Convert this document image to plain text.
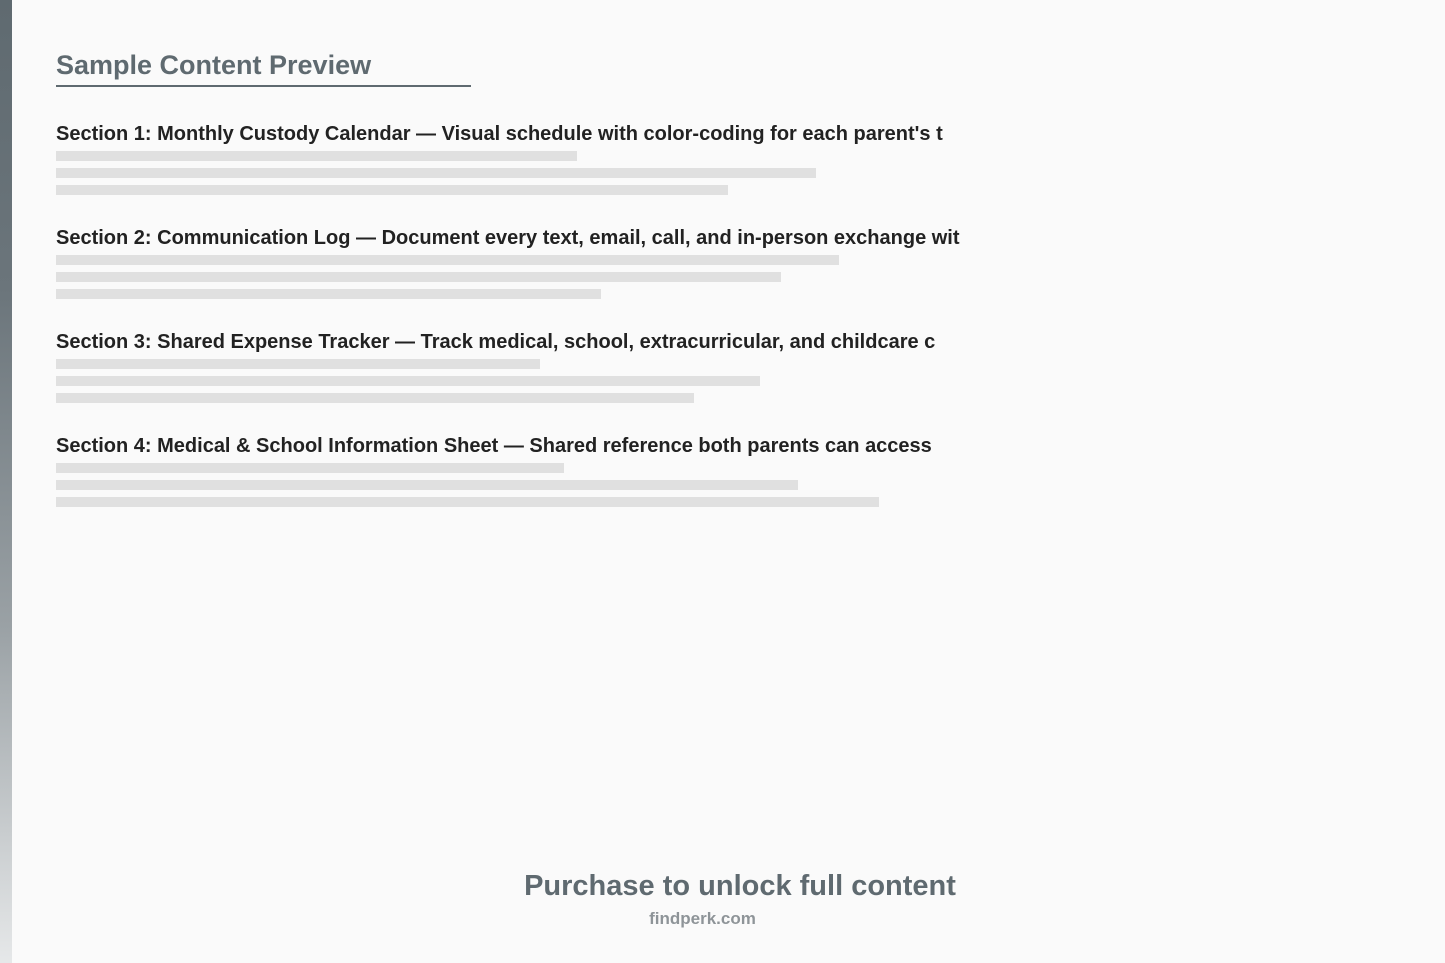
Sample Content Preview
Section 1: Monthly Custody Calendar — Visual schedule with color-coding for each parent's t
Section 2: Communication Log — Document every text, email, call, and in-person exchange wit
Section 3: Shared Expense Tracker — Track medical, school, extracurricular, and childcare c
Section 4: Medical & School Information Sheet — Shared reference both parents can access
Purchase to unlock full content
findperk.com
